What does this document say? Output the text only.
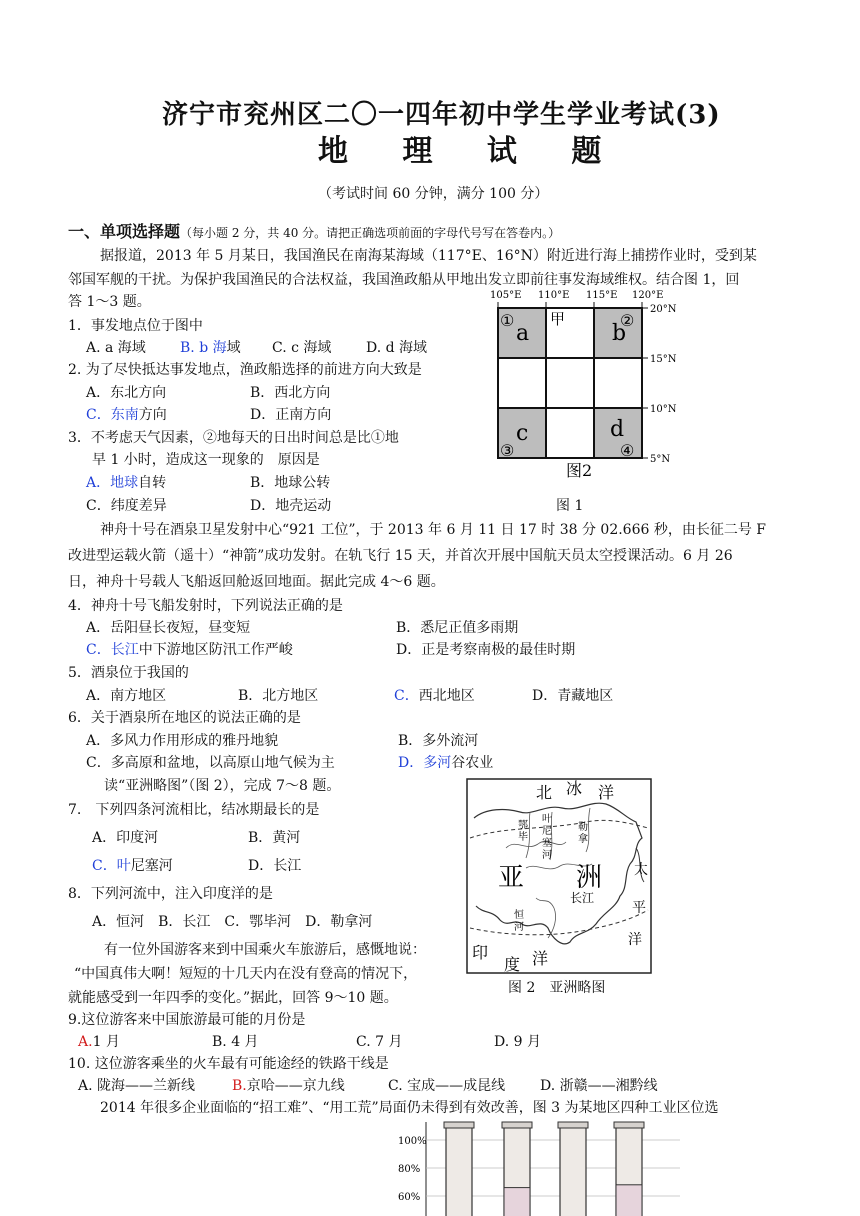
济宁市兖州区二〇一四年初中学生学业考试(3)
地 理 试 题
（考试时间 60 分钟，满分 100 分）
一、单项选择题（每小题 2 分，共 40 分。请把正确选项前面的字母代号写在答卷内。）
据报道，2013 年 5 月某日，我国渔民在南海某海域（117°E、16°N）附近进行海上捕捞作业时，受到某
邻国军舰的干扰。为保护我国渔民的合法权益，我国渔政船从甲地出发立即前往事发海域维权。结合图 1，回
答 1～3 题。
1．事发地点位于图中
A. a 海域 B. b 海域 C. c 海域 D. d 海域
2. 为了尽快抵达事发地点，渔政船选择的前进方向大致是
A．东北方向	B．西北方向
C．东南方向	D．正南方向
3．不考虑天气因素，②地每天的日出时间总是比①地
早 1 小时，造成这一现象的　原因是
A．地球自转	B．地球公转
C．纬度差异	D．地壳运动
105°E 110°E 115°E 120°E
20°N
15°N
10°N
5°N
a	b
c	d
①	②
③	④
甲
图2
图 1
神舟十号在酒泉卫星发射中心“921 工位”，于 2013 年 6 月 11 日 17 时 38 分 02.666 秒，由长征二号 F
改进型运载火箭（遥十）“神箭”成功发射。在轨飞行 15 天，并首次开展中国航天员太空授课活动。6 月 26
日，神舟十号载人飞船返回舱返回地面。据此完成 4～6 题。
4．神舟十号飞船发射时，下列说法正确的是
A．岳阳昼长夜短，昼变短	B．悉尼正值多雨期
C．长江中下游地区防汛工作严峻	D．正是考察南极的最佳时期
5．酒泉位于我国的
A．南方地区	B．北方地区	C．西北地区	D．青藏地区
6．关于酒泉所在地区的说法正确的是
A．多风力作用形成的雅丹地貌	B．多外流河
C．多高原和盆地，以高原山地气候为主	D．多河谷农业
读“亚洲略图”（图 2），完成 7～8 题。
7.　下列四条河流相比，结冰期最长的是
A．印度河	B．黄河
C．叶尼塞河	D．长江
8．下列河流中，注入印度洋的是
A．恒河　B．长江　C．鄂毕河　D．勒拿河
北 冰 洋
亚 洲 太
平
洋
印
度 洋
鄂
毕
叶
尼
塞
河
勒
拿
恒
河
长 江
图 2　亚洲略图
有一位外国游客来到中国乘火车旅游后，感慨地说：
“中国真伟大啊！短短的十几天内在没有登高的情况下，
就能感受到一年四季的变化。”据此，回答 9～10 题。
9.这位游客来中国旅游最可能的月份是
A.1 月	B. 4 月	C. 7 月	D. 9 月
10. 这位游客乘坐的火车最有可能途经的铁路干线是
A. 陇海——兰新线	B.京哈——京九线	C. 宝成——成昆线 D. 浙赣——湘黔线
2014 年很多企业面临的“招工难”、“用工荒”局面仍未得到有效改善，图 3 为某地区四种工业区位选
100%
80%
60%
